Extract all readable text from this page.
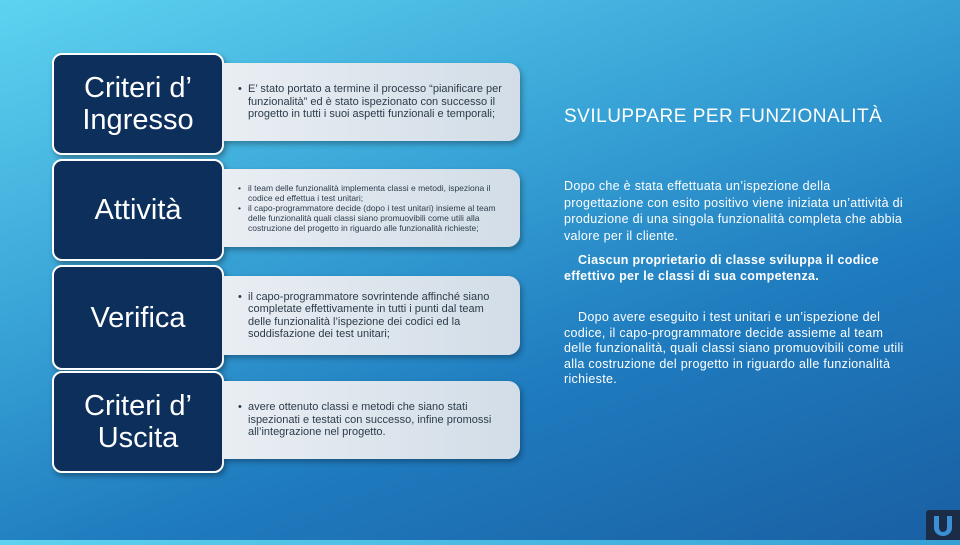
Criteri d’ Ingresso
• E’ stato portato a termine il processo “pianificare per funzionalità” ed è stato ispezionato con successo il progetto in tutti i suoi aspetti funzionali e temporali;
Attività
• il team delle funzionalità implementa classi e metodi, ispeziona il codice ed effettua i test unitari;
• il capo-programmatore decide (dopo i test unitari) insieme al team delle funzionalità quali classi siano promuovibili come utili alla costruzione del progetto in riguardo alle funzionalità richieste;
Verifica
• il capo-programmatore sovrintende affinché siano completate effettivamente in tutti i punti dal team delle funzionalità l’ispezione dei codici ed la soddisfazione dei test unitari;
Criteri d’ Uscita
• avere ottenuto classi e metodi che siano stati ispezionati e testati con successo, infine promossi all’integrazione nel progetto.
SVILUPPARE PER FUNZIONALITÀ
Dopo che è stata effettuata un’ispezione della progettazione con esito positivo viene iniziata un’attività di produzione di una singola funzionalità completa che abbia valore per il cliente.
Ciascun proprietario di classe sviluppa il codice effettivo per le classi di sua competenza.
Dopo avere eseguito i test unitari e un’ispezione del codice, il capo-programmatore decide assieme al team delle funzionalità, quali classi siano promuovibili come utili alla costruzione del progetto in riguardo alle funzionalità richieste.
